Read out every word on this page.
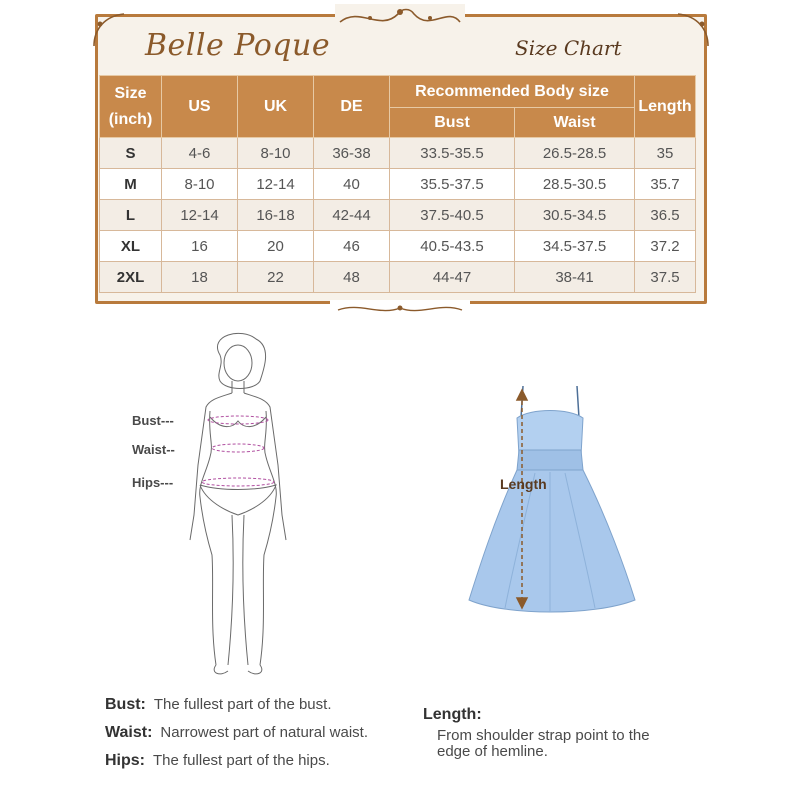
Belle Poque	Size Chart
Size
(inch)	US	UK	DE	Recommended Body size		Length
				Bust	Waist	
S	4-6	8-10	36-38	33.5-35.5	26.5-28.5	35
M	8-10	12-14	40	35.5-37.5	28.5-30.5	35.7
L	12-14	16-18	42-44	37.5-40.5	30.5-34.5	36.5
XL	16	20	46	40.5-43.5	34.5-37.5	37.2
2XL	18	22	48	44-47	38-41	37.5
Bust---
Waist--
Hips---	Length
Bust: The fullest part of the bust.
Waist: Narrowest part of natural waist.
Hips: The fullest part of the hips.
Length:
From shoulder strap point to the
edge of hemline.
